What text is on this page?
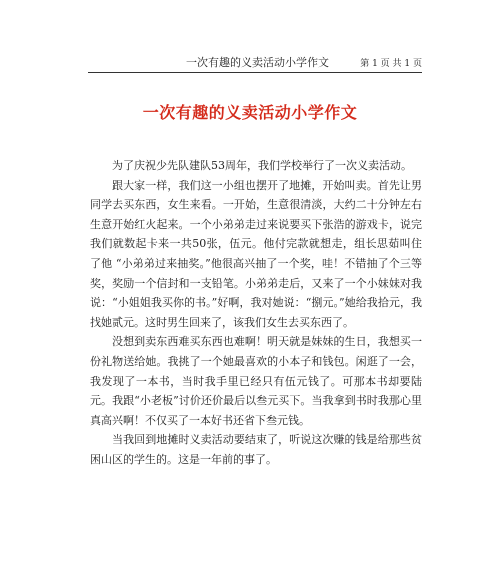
一次有趣的义卖活动小学作文	第 1 页 共 1 页
一次有趣的义卖活动小学作文

为了庆祝少先队建队53周年，我们学校举行了一次义卖活动。

跟大家一样，我们这一小组也摆开了地摊，开始叫卖。首先让男同学去买东西，女生来看。一开始，生意很清淡，大约二十分钟左右生意开始红火起来。一个小弟弟走过来说要买下张浩的游戏卡，说完我们就数起卡来一共50张，伍元。他付完款就想走，组长思茹叫住了他 “小弟弟过来抽奖。”他很高兴抽了一个奖，哇！不错抽了个三等奖，奖励一个信封和一支铅笔。小弟弟走后，又来了一个小妹妹对我说：“小姐姐我买你的书。”好啊，我对她说：“捌元。”她给我拾元，我找她贰元。这时男生回来了，该我们女生去买东西了。

没想到卖东西难买东西也难啊！明天就是妹妹的生日，我想买一份礼物送给她。我挑了一个她最喜欢的小本子和钱包。闲逛了一会，我发现了一本书，当时我手里已经只有伍元钱了。可那本书却要陆元。我跟“小老板”讨价还价最后以叁元买下。当我拿到书时我那心里真高兴啊！不仅买了一本好书还省下叁元钱。

当我回到地摊时义卖活动要结束了，听说这次赚的钱是给那些贫困山区的学生的。这是一年前的事了。
